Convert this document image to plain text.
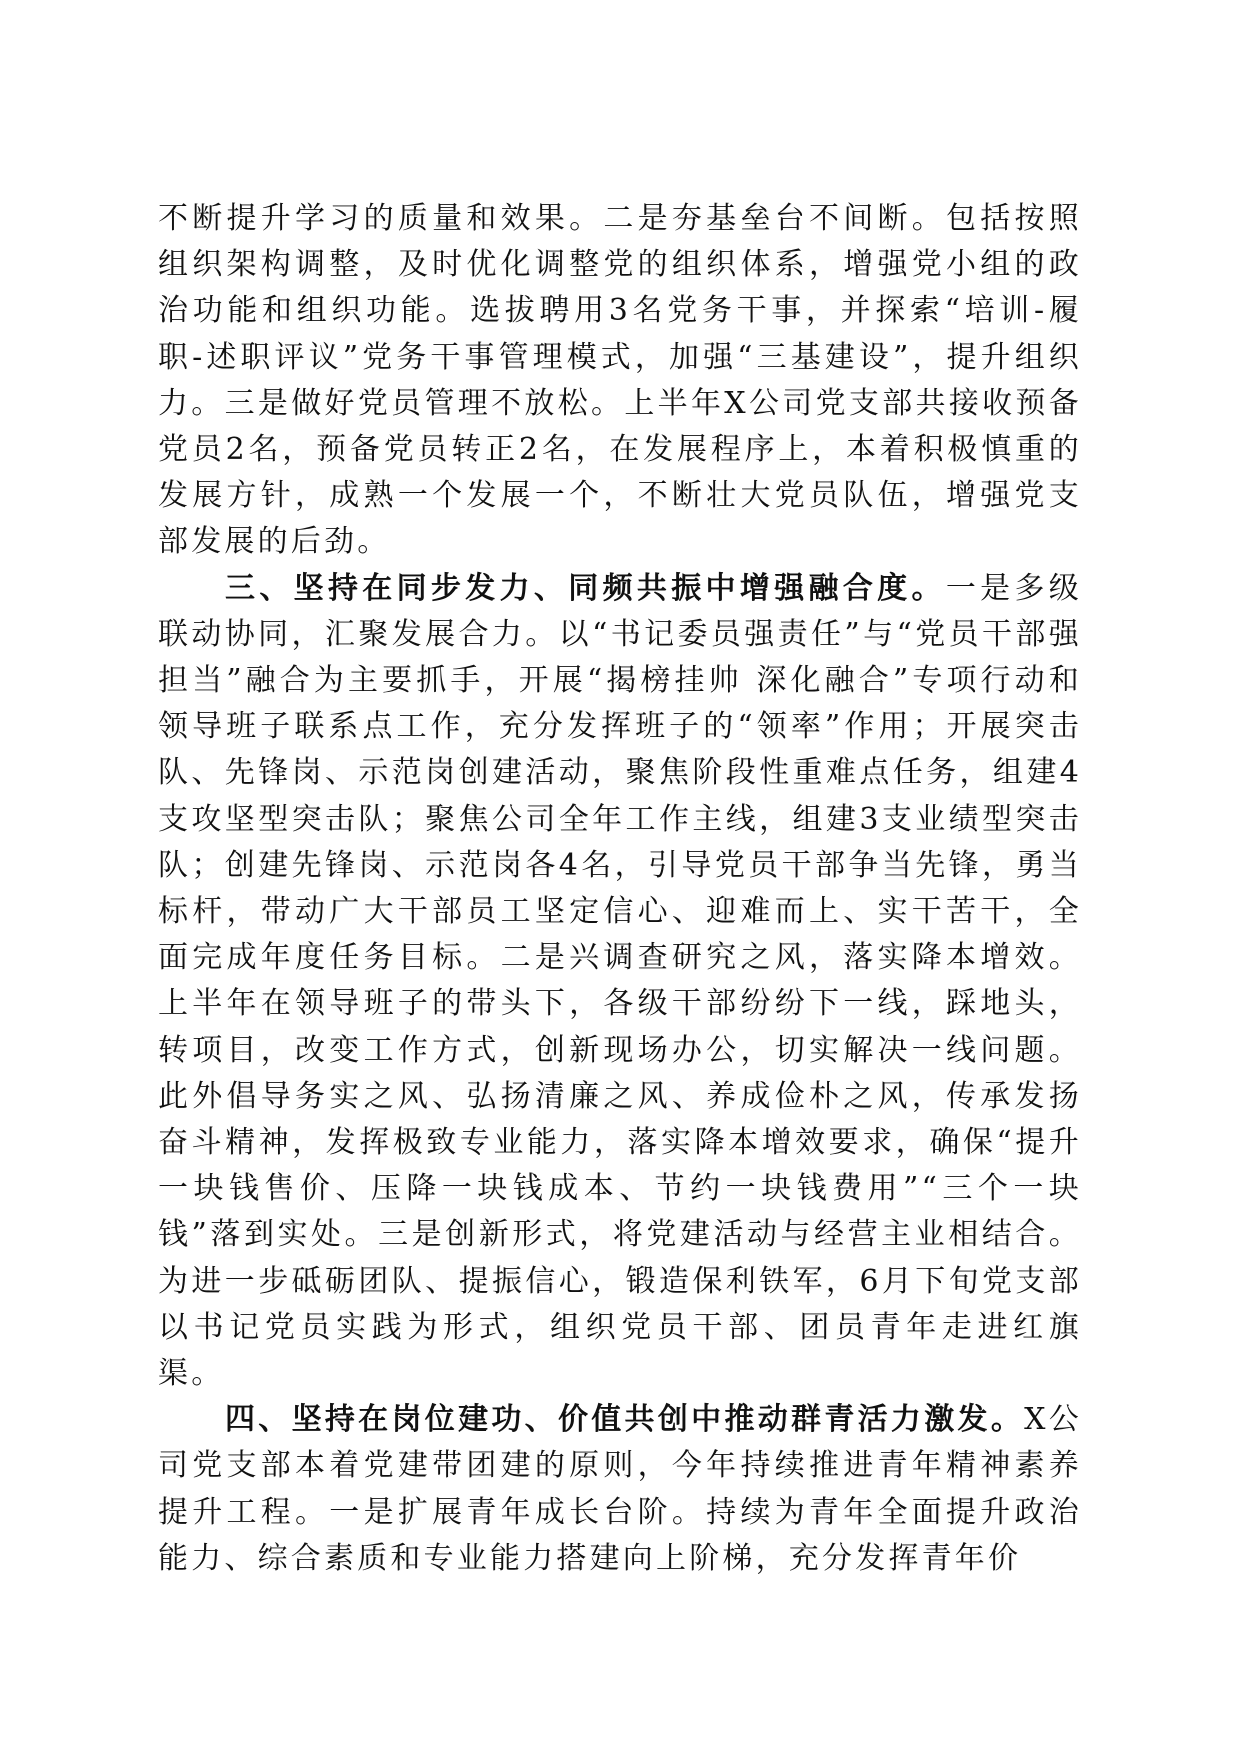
不断提升学习的质量和效果。二是夯基垒台不间断。包括按照组织架构调整，及时优化调整党的组织体系，增强党小组的政治功能和组织功能。选拔聘用3名党务干事，并探索“培训-履职-述职评议”党务干事管理模式，加强“三基建设”，提升组织力。三是做好党员管理不放松。上半年X公司党支部共接收预备党员2名，预备党员转正2名，在发展程序上，本着积极慎重的发展方针，成熟一个发展一个，不断壮大党员队伍，增强党支部发展的后劲。

三、坚持在同步发力、同频共振中增强融合度。一是多级联动协同，汇聚发展合力。以“书记委员强责任”与“党员干部强担当”融合为主要抓手，开展“揭榜挂帅 深化融合”专项行动和领导班子联系点工作，充分发挥班子的“领率”作用；开展突击队、先锋岗、示范岗创建活动，聚焦阶段性重难点任务，组建4支攻坚型突击队；聚焦公司全年工作主线，组建3支业绩型突击队；创建先锋岗、示范岗各4名，引导党员干部争当先锋，勇当标杆，带动广大干部员工坚定信心、迎难而上、实干苦干，全面完成年度任务目标。二是兴调查研究之风，落实降本增效。上半年在领导班子的带头下，各级干部纷纷下一线，踩地头，转项目，改变工作方式，创新现场办公，切实解决一线问题。此外倡导务实之风、弘扬清廉之风、养成俭朴之风，传承发扬奋斗精神，发挥极致专业能力，落实降本增效要求，确保“提升一块钱售价、压降一块钱成本、节约一块钱费用”“三个一块钱”落到实处。三是创新形式，将党建活动与经营主业相结合。为进一步砥砺团队、提振信心，锻造保利铁军，6月下旬党支部以书记党员实践为形式，组织党员干部、团员青年走进红旗渠。

四、坚持在岗位建功、价值共创中推动群青活力激发。X公司党支部本着党建带团建的原则，今年持续推进青年精神素养提升工程。一是扩展青年成长台阶。持续为青年全面提升政治能力、综合素质和专业能力搭建向上阶梯，充分发挥青年价
